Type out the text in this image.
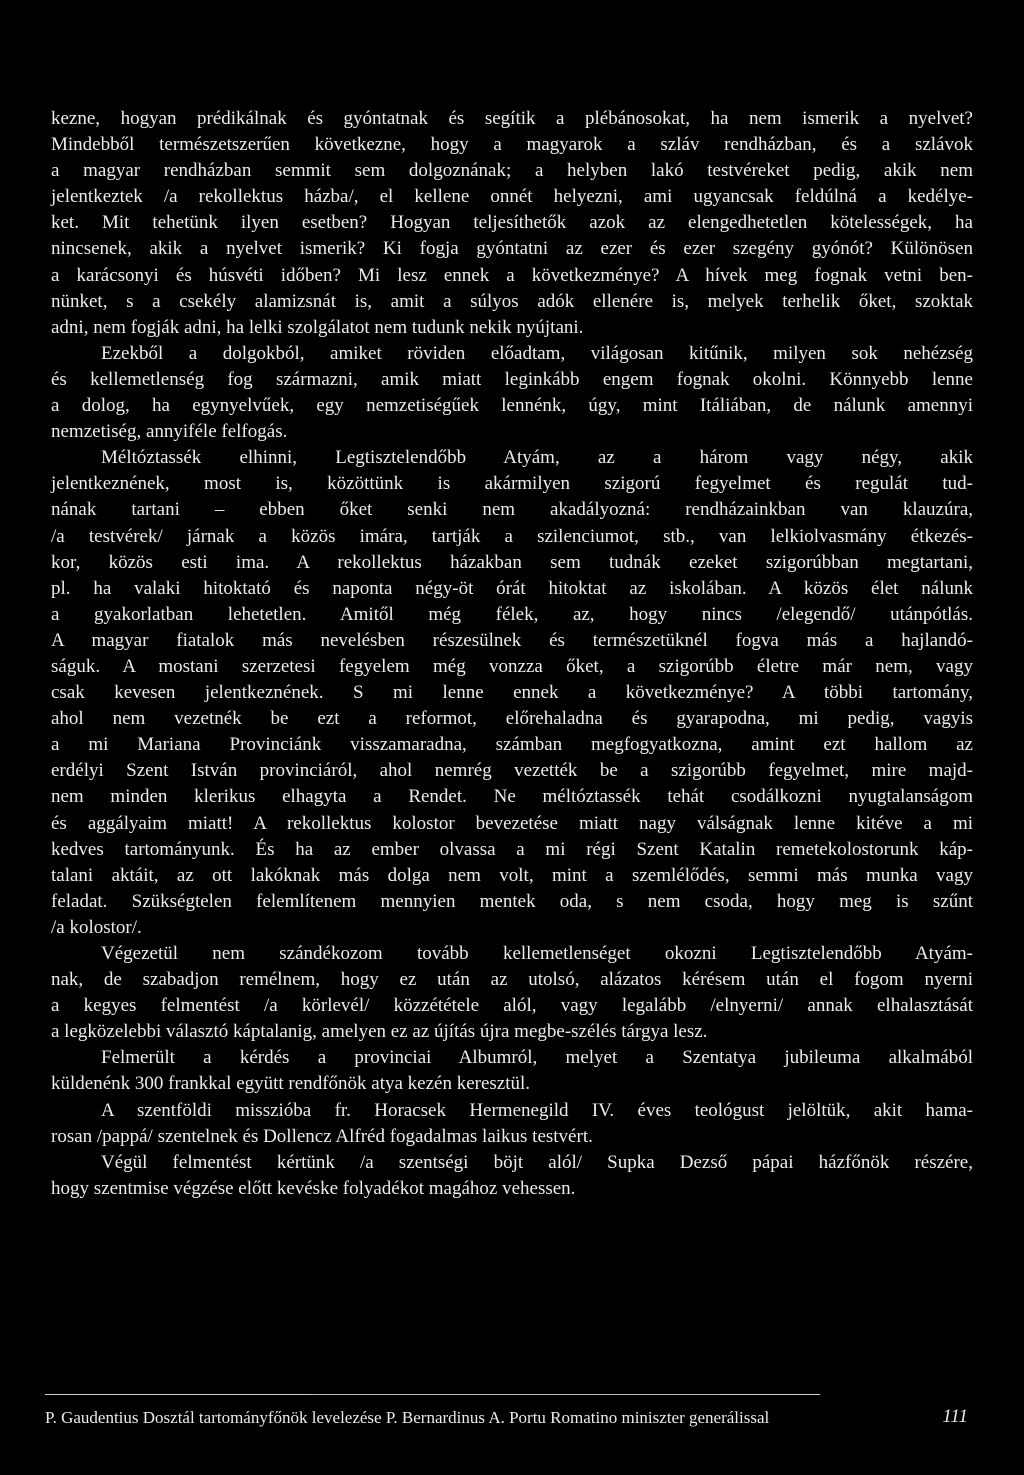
kezne, hogyan prédikálnak és gyóntatnak és segítik a plébánosokat, ha nem ismerik a nyelvet?
Mindebből természetszerűen következne, hogy a magyarok a szláv rendházban, és a szlávok
a magyar rendházban semmit sem dolgoznának; a helyben lakó testvéreket pedig, akik nem
jelentkeztek /a rekollektus házba/, el kellene onnét helyezni, ami ugyancsak feldúlná a kedélye-
ket. Mit tehetünk ilyen esetben? Hogyan teljesíthetők azok az elengedhetetlen kötelességek, ha
nincsenek, akik a nyelvet ismerik? Ki fogja gyóntatni az ezer és ezer szegény gyónót? Különösen
a karácsonyi és húsvéti időben? Mi lesz ennek a következménye? A hívek meg fognak vetni ben-
nünket, s a csekély alamizsnát is, amit a súlyos adók ellenére is, melyek terhelik őket, szoktak
adni, nem fogják adni, ha lelki szolgálatot nem tudunk nekik nyújtani.
Ezekből a dolgokból, amiket röviden előadtam, világosan kitűnik, milyen sok nehézség
és kellemetlenség fog származni, amik miatt leginkább engem fognak okolni. Könnyebb lenne
a dolog, ha egynyelvűek, egy nemzetiségűek lennénk, úgy, mint Itáliában, de nálunk amennyi
nemzetiség, annyiféle felfogás.
Méltóztassék elhinni, Legtisztelendőbb Atyám, az a három vagy négy, akik
jelentkeznének, most is, közöttünk is akármilyen szigorú fegyelmet és regulát tud-
nának tartani – ebben őket senki nem akadályozná: rendházainkban van klauzúra,
/a testvérek/ járnak a közös imára, tartják a szilenciumot, stb., van lelkiolvasmány étkezés-
kor, közös esti ima. A rekollektus házakban sem tudnák ezeket szigorúbban megtartani,
pl. ha valaki hitoktató és naponta négy-öt órát hitoktat az iskolában. A közös élet nálunk
a gyakorlatban lehetetlen. Amitől még félek, az, hogy nincs /elegendő/ utánpótlás.
A magyar fiatalok más nevelésben részesülnek és természetüknél fogva más a hajlandó-
ságuk. A mostani szerzetesi fegyelem még vonzza őket, a szigorúbb életre már nem, vagy
csak kevesen jelentkeznének. S mi lenne ennek a következménye? A többi tartomány,
ahol nem vezetnék be ezt a reformot, előrehaladna és gyarapodna, mi pedig, vagyis
a mi Mariana Provinciánk visszamaradna, számban megfogyatkozna, amint ezt hallom az
erdélyi Szent István provinciáról, ahol nemrég vezették be a szigorúbb fegyelmet, mire majd-
nem minden klerikus elhagyta a Rendet. Ne méltóztassék tehát csodálkozni nyugtalanságom
és aggályaim miatt! A rekollektus kolostor bevezetése miatt nagy válságnak lenne kitéve a mi
kedves tartományunk. És ha az ember olvassa a mi régi Szent Katalin remetekolostorunk káp-
talani aktáit, az ott lakóknak más dolga nem volt, mint a szemlélődés, semmi más munka vagy
feladat. Szükségtelen felemlítenem mennyien mentek oda, s nem csoda, hogy meg is szűnt
/a kolostor/.
Végezetül nem szándékozom tovább kellemetlenséget okozni Legtisztelendőbb Atyám-
nak, de szabadjon remélnem, hogy ez után az utolsó, alázatos kérésem után el fogom nyerni
a kegyes felmentést /a körlevél/ közzététele alól, vagy legalább /elnyerni/ annak elhalasztását
a legközelebbi választó káptalanig, amelyen ez az újítás újra megbe-szélés tárgya lesz.
Felmerült a kérdés a provinciai Albumról, melyet a Szentatya jubileuma alkalmából
küldenénk 300 frankkal együtt rendfőnök atya kezén keresztül.
A szentföldi misszióba fr. Horacsek Hermenegild IV. éves teológust jelöltük, akit hama-
rosan /pappá/ szentelnek és Dollencz Alfréd fogadalmas laikus testvért.
Végül felmentést kértünk /a szentségi böjt alól/ Supka Dezső pápai házfőnök részére,
hogy szentmise végzése előtt kevéske folyadékot magához vehessen.
P. Gaudentius Dosztál tartományfőnök levelezése P. Bernardinus A. Portu Romatino miniszter generálissal	111
